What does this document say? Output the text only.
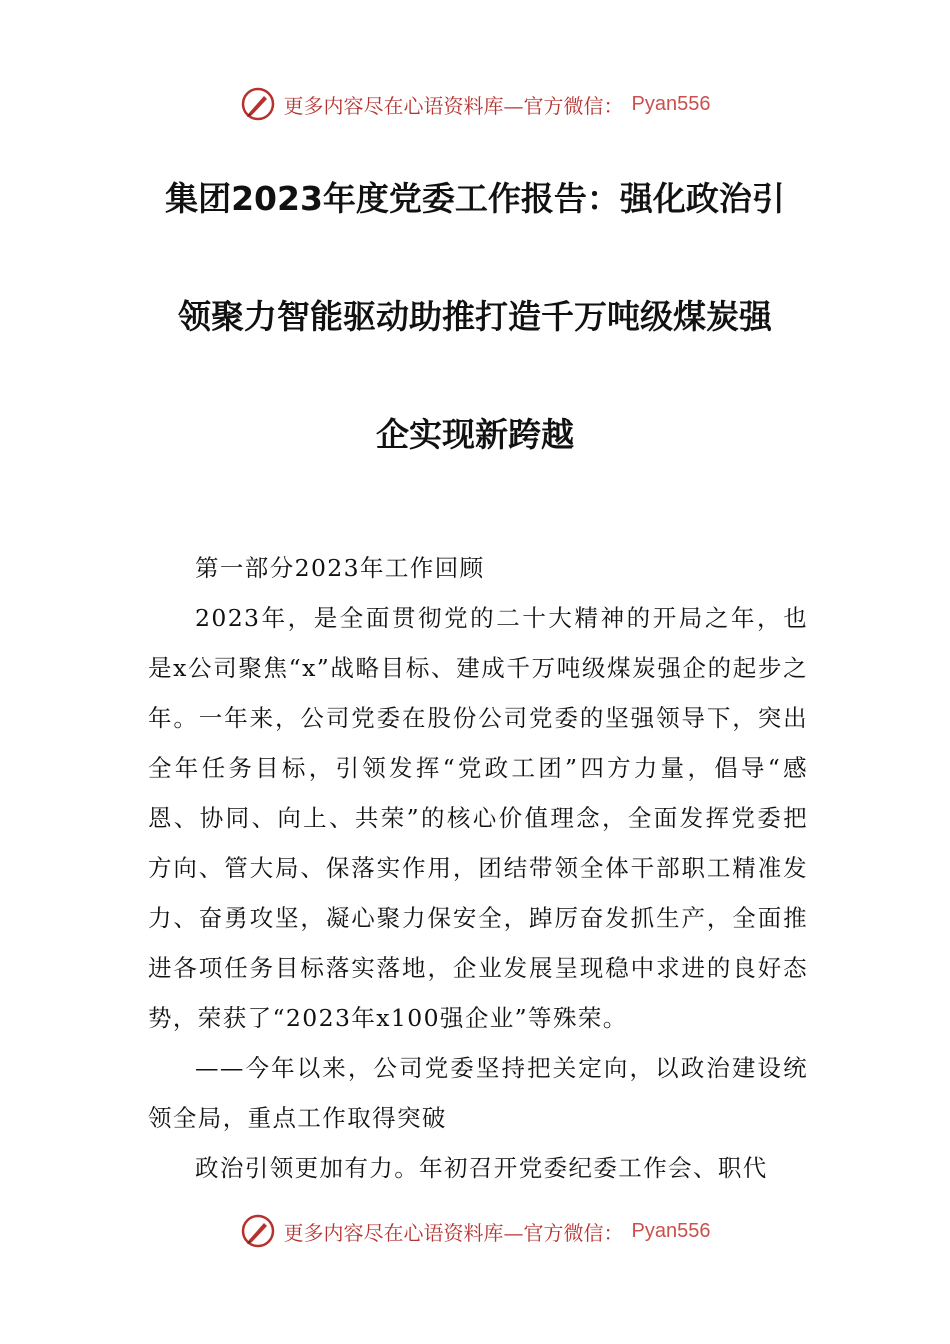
更多内容尽在心语资料库—官方微信： Pyan556
集团2023年度党委工作报告：强化政治引
领聚力智能驱动助推打造千万吨级煤炭强
企实现新跨越

第一部分2023年工作回顾

2023年，是全面贯彻党的二十大精神的开局之年，也是x公司聚焦“x”战略目标、建成千万吨级煤炭强企的起步之年。一年来，公司党委在股份公司党委的坚强领导下，突出全年任务目标，引领发挥“党政工团”四方力量，倡导“感恩、协同、向上、共荣”的核心价值理念，全面发挥党委把方向、管大局、保落实作用，团结带领全体干部职工精准发力、奋勇攻坚，凝心聚力保安全，踔厉奋发抓生产，全面推进各项任务目标落实落地，企业发展呈现稳中求进的良好态势，荣获了“2023年x100强企业”等殊荣。

——今年以来，公司党委坚持把关定向，以政治建设统领全局，重点工作取得突破

政治引领更加有力。年初召开党委纪委工作会、职代

更多内容尽在心语资料库—官方微信： Pyan556
